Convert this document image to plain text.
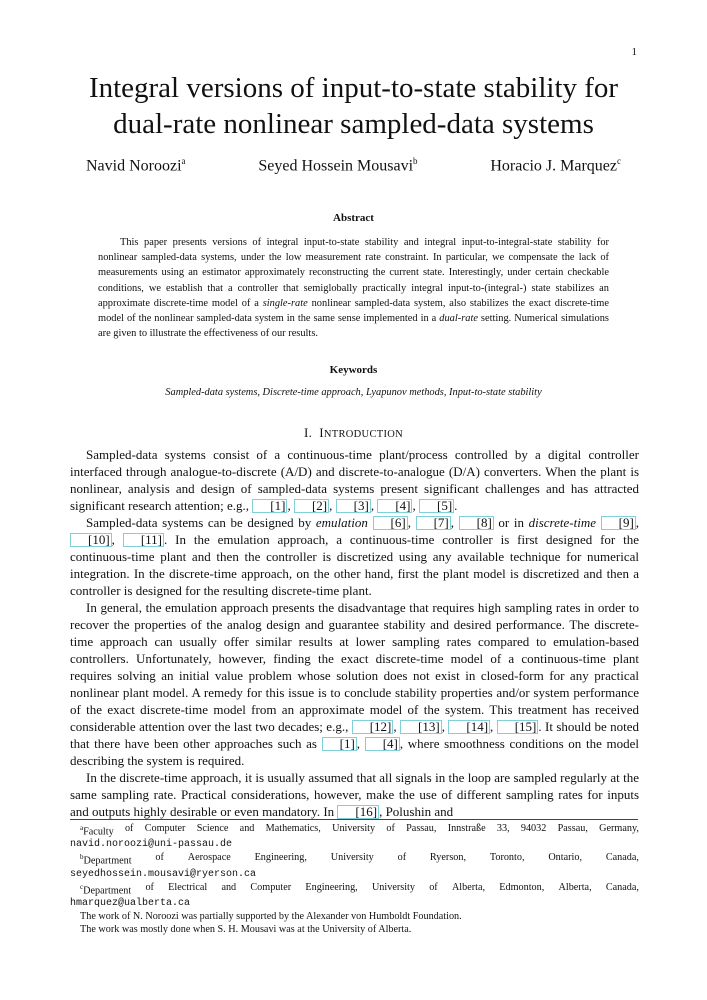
1
Integral versions of input-to-state stability for
dual-rate nonlinear sampled-data systems
Navid Noroozi$^a$	Seyed Hossein Mousavi$^b$	Horacio J. Marquez$^c$
Abstract

This paper presents versions of integral input-to-state stability and integral input-to-integral-state stability for nonlinear sampled-data systems, under the low measurement rate constraint. In particular, we compensate the lack of measurements using an estimator approximately reconstructing the current state. Interestingly, under certain checkable conditions, we establish that a controller that semiglobally practically integral input-to-(integral-) state stabilizes an approximate discrete-time model of a single-rate nonlinear sampled-data system, also stabilizes the exact discrete-time model of the nonlinear sampled-data system in the same sense implemented in a dual-rate setting. Numerical simulations are given to illustrate the effectiveness of our results.

Keywords
Sampled-data systems, Discrete-time approach, Lyapunov methods, Input-to-state stability
I. INTRODUCTION

Sampled-data systems consist of a continuous-time plant/process controlled by a digital controller interfaced through analogue-to-discrete (A/D) and discrete-to-analogue (D/A) converters. When the plant is nonlinear, analysis and design of sampled-data systems present significant challenges and has attracted significant research attention; e.g., [1] , [2] , [3] , [4] , [5] .

Sampled-data systems can be designed by emulation [6] , [7] , [8] or in discrete-time [9] , [10] , [11] . In the emulation approach, a continuous-time controller is first designed for the continuous-time plant and then the controller is discretized using any available technique for numerical integration. In the discrete-time approach, on the other hand, first the plant model is discretized and then a controller is designed for the resulting discrete-time plant.

In general, the emulation approach presents the disadvantage that requires high sampling rates in order to recover the properties of the analog design and guarantee stability and desired performance. The discrete-time approach can usually offer similar results at lower sampling rates compared to emulation-based controllers. Unfortunately, however, finding the exact discrete-time model of a continuous-time plant requires solving an initial value problem whose solution does not exist in closed-form for any practical nonlinear plant model. A remedy for this issue is to conclude stability properties and/or system performance of the exact discrete-time model from an approximate model of the system. This treatment has received considerable attention over the last two decades; e.g., [12] , [13] , [14] , [15] . It should be noted that there have been other approaches such as [1] , [4] , where smoothness conditions on the model describing the system is required.

In the discrete-time approach, it is usually assumed that all signals in the loop are sampled regularly at the same sampling rate. Practical considerations, however, make the use of different sampling rates for inputs and outputs highly desirable or even mandatory. In [16] , Polushin and

$^a$Faculty of Computer Science and Mathematics, University of Passau, Innstraße 33, 94032 Passau, Germany,
navid.noroozi@uni-passau.de
$^b$Department of Aerospace Engineering, University of Ryerson, Toronto, Ontario, Canada,
seyedhossein.mousavi@ryerson.ca
$^c$Department of Electrical and Computer Engineering, University of Alberta, Edmonton, Alberta, Canada,
hmarquez@ualberta.ca

The work of N. Noroozi was partially supported by the Alexander von Humboldt Foundation.

The work was mostly done when S. H. Mousavi was at the University of Alberta.
